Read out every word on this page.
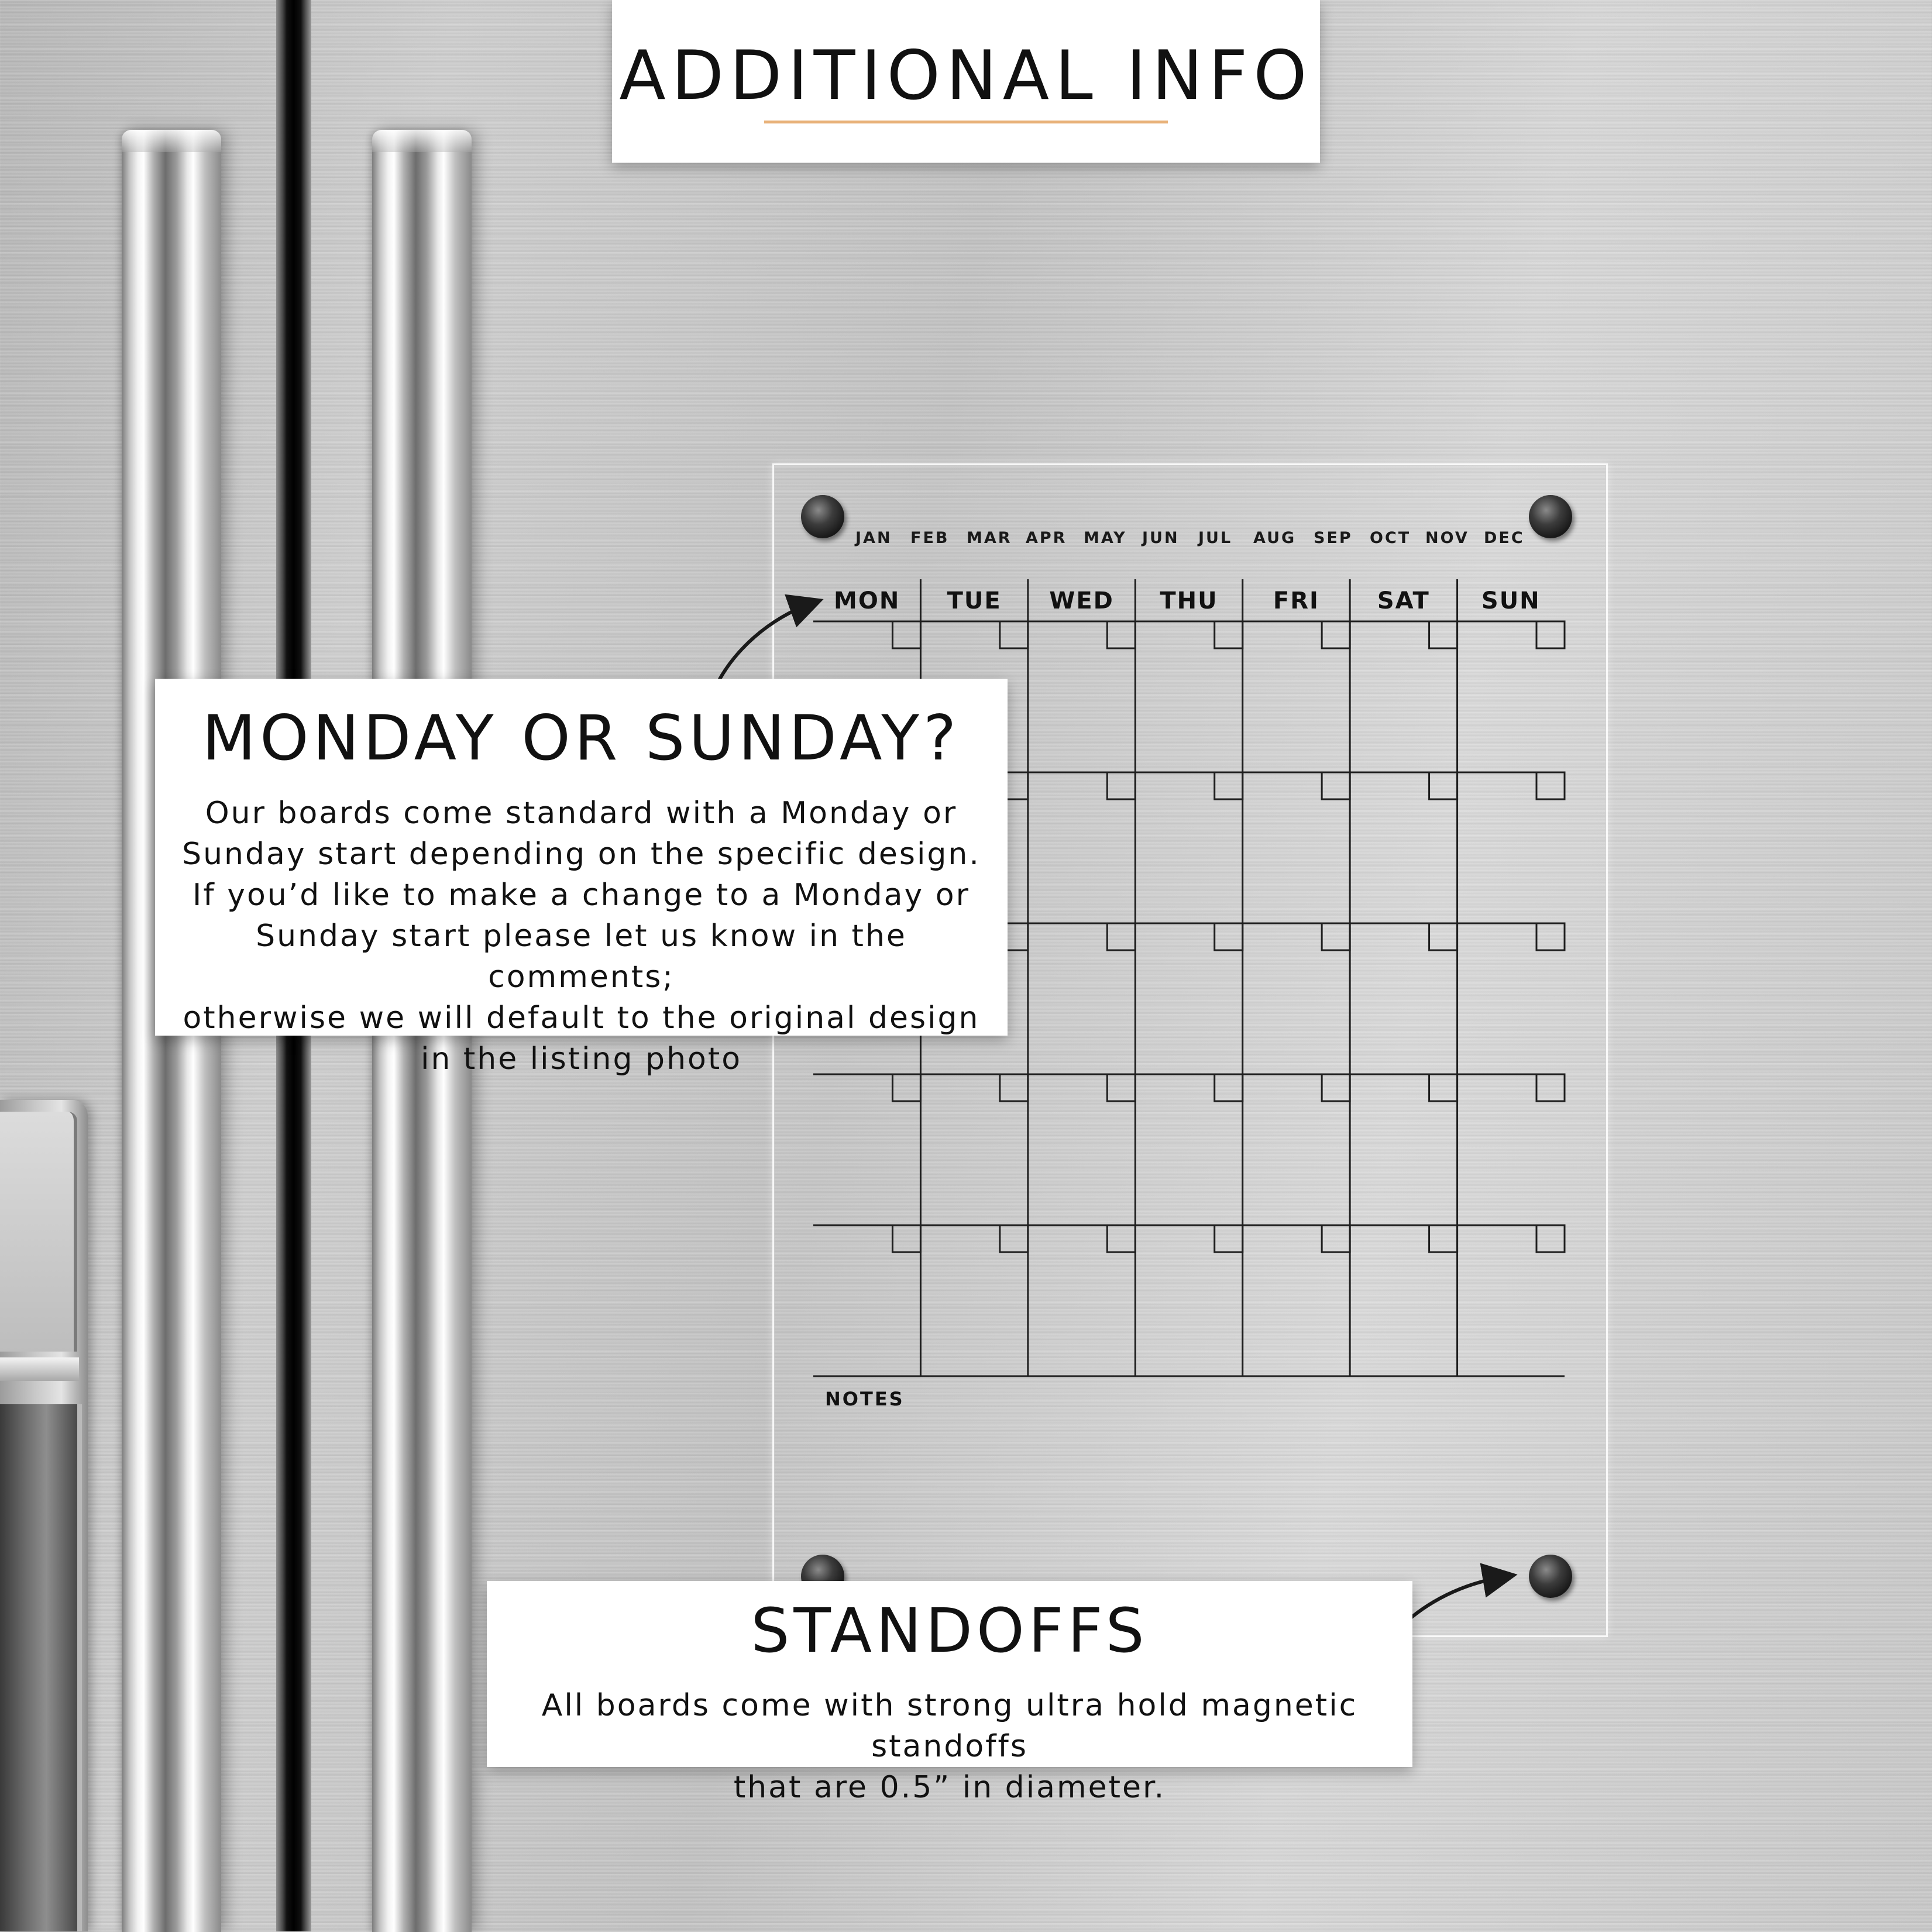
JAN FEB MAR APR MAY JUN JUL AUG SEP OCT NOV DEC
MON	TUE	WED	THU	FRI	SAT	SUN
NOTES
ADDITIONAL INFO
MONDAY OR SUNDAY?
Our boards come standard with a Monday or
Sunday start depending on the specific design.
If you’d like to make a change to a Monday or
Sunday start please let us know in the comments;
otherwise we will default to the original design
in the listing photo
STANDOFFS
All boards come with strong ultra hold magnetic standoffs
that are 0.5” in diameter.
